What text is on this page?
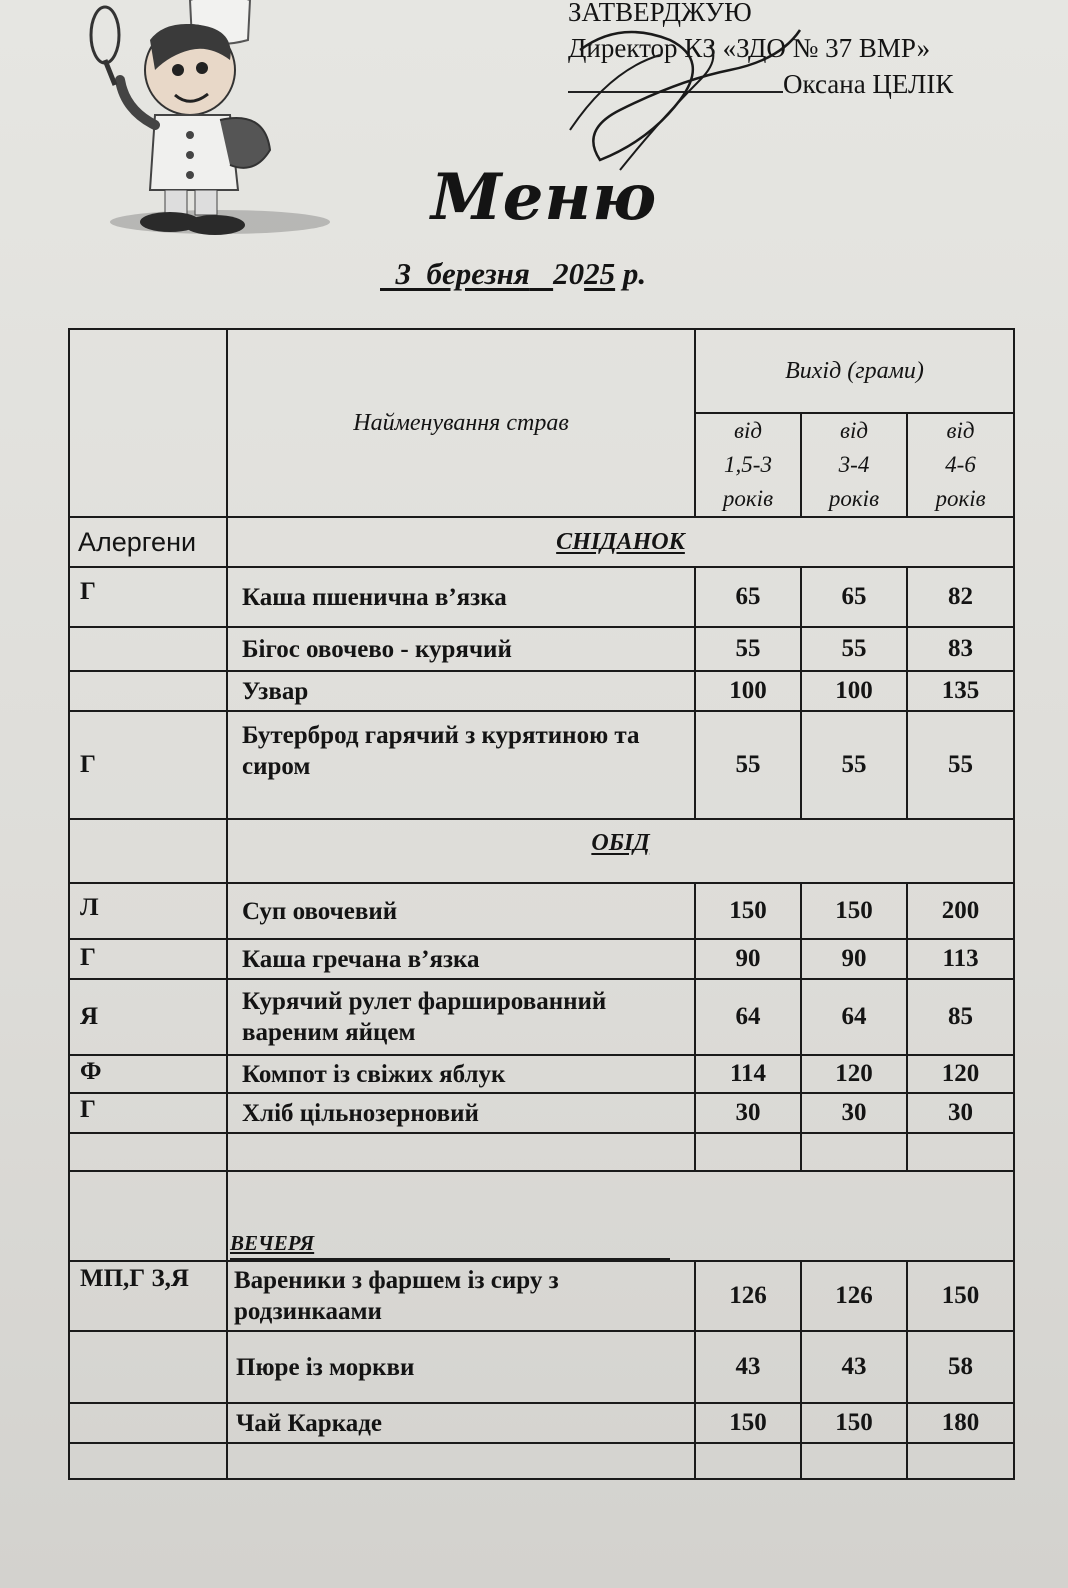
ЗАТВЕРДЖУЮ
Директор КЗ «ЗДО № 37 ВМР»
Оксана ЦЕЛІК
Меню
3 березня 2025 р.
	Найменування страв	Вихід (грами)		
		від
1,5-3
років	від
3-4
років	від
4-6
років
Алергени	СНІДАНОК			
Г	Каша пшенична в’язка	65	65	82
	Бігос овочево - курячий	55	55	83
	Узвар	100	100	135
Г	Бутерброд гарячий з курятиною та сиром	55	55	55
	ОБІД			
Л	Суп овочевий	150	150	200
Г	Каша гречана в’язка	90	90	113
Я	Курячий рулет фаршированний вареним яйцем	64	64	85
Ф	Компот із свіжих яблук	114	120	120
Г	Хліб цільнозерновий	30	30	30

	ВЕЧЕРЯ			
МП,Г З,Я	Вареники з фаршем із сиру з родзинкаами	126	126	150
	Пюре із моркви	43	43	58
	Чай Каркаде	150	150	180
